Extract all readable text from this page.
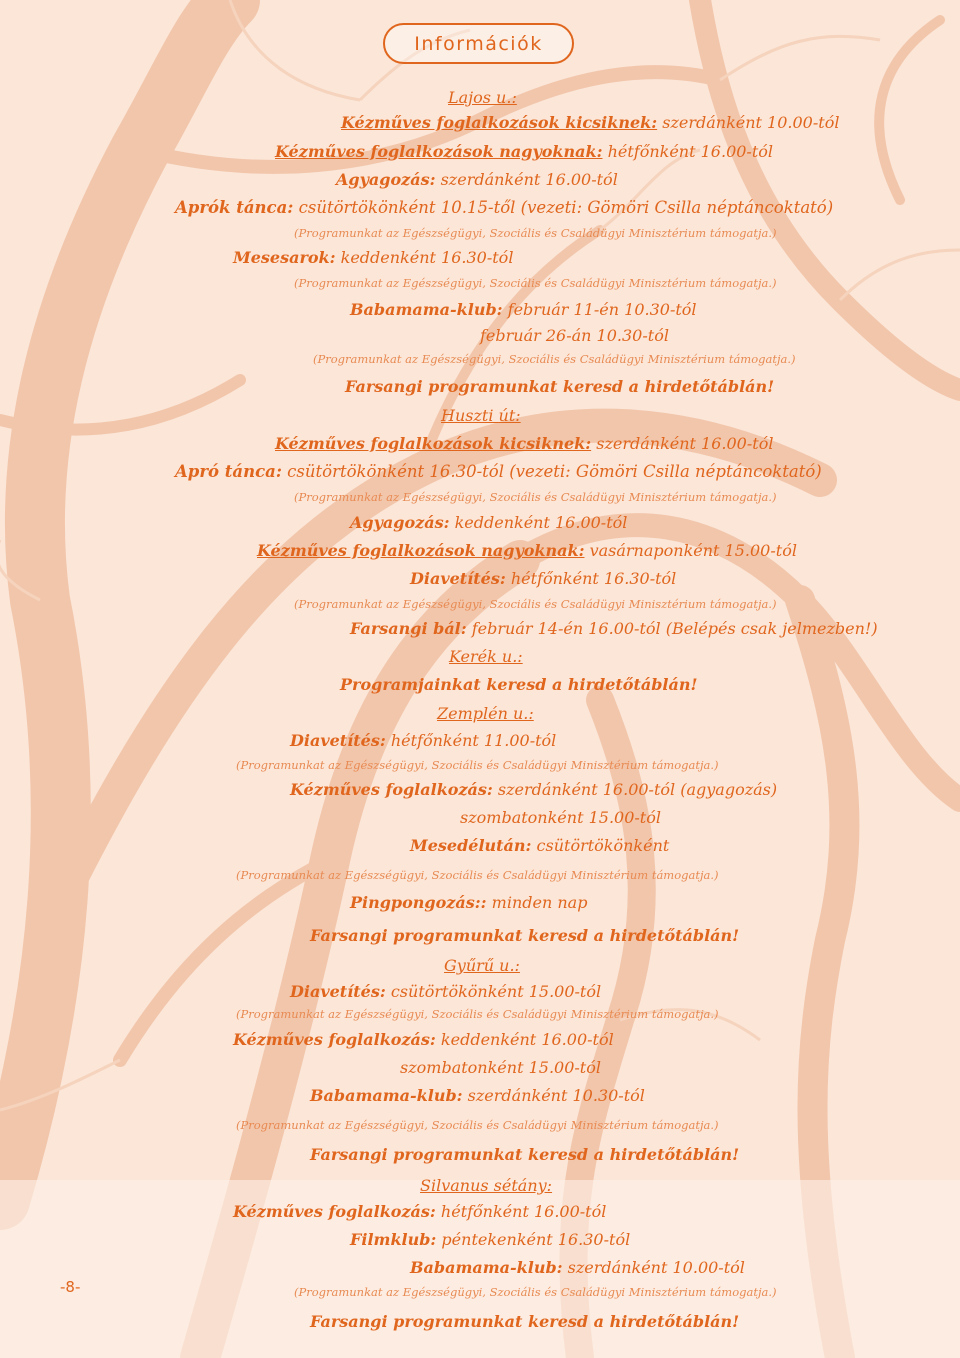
Információk
Lajos u.:
Kézműves foglalkozások kicsiknek: szerdánként 10.00-tól
Kézműves foglalkozások nagyoknak: hétfőnként 16.00-tól
Agyagozás: szerdánként 16.00-tól
Aprók tánca: csütörtökönként 10.15-től (vezeti: Gömöri Csilla néptáncoktató)
(Programunkat az Egészségügyi, Szociális és Családügyi Minisztérium támogatja.)
Mesesarok: keddenként 16.30-tól
(Programunkat az Egészségügyi, Szociális és Családügyi Minisztérium támogatja.)
Babamama-klub: február 11-én 10.30-tól
február 26-án 10.30-tól
(Programunkat az Egészségügyi, Szociális és Családügyi Minisztérium támogatja.)
Farsangi programunkat keresd a hirdetőtáblán!
Huszti út:
Kézműves foglalkozások kicsiknek: szerdánként 16.00-tól
Apró tánca: csütörtökönként 16.30-tól (vezeti: Gömöri Csilla néptáncoktató)
(Programunkat az Egészségügyi, Szociális és Családügyi Minisztérium támogatja.)
Agyagozás: keddenként 16.00-tól
Kézműves foglalkozások nagyoknak: vasárnaponként 15.00-tól
Diavetítés: hétfőnként 16.30-tól
(Programunkat az Egészségügyi, Szociális és Családügyi Minisztérium támogatja.)
Farsangi bál: február 14-én 16.00-tól (Belépés csak jelmezben!)
Kerék u.:
Programjainkat keresd a hirdetőtáblán!
Zemplén u.:
Diavetítés: hétfőnként 11.00-tól
(Programunkat az Egészségügyi, Szociális és Családügyi Minisztérium támogatja.)
Kézműves foglalkozás: szerdánként 16.00-tól (agyagozás)
szombatonként 15.00-tól
Mesedélután: csütörtökönként
(Programunkat az Egészségügyi, Szociális és Családügyi Minisztérium támogatja.)
Pingpongozás:: minden nap
Farsangi programunkat keresd a hirdetőtáblán!
Gyűrű u.:
Diavetítés: csütörtökönként 15.00-tól
(Programunkat az Egészségügyi, Szociális és Családügyi Minisztérium támogatja.)
Kézműves foglalkozás: keddenként 16.00-tól
szombatonként 15.00-tól
Babamama-klub: szerdánként 10.30-tól
(Programunkat az Egészségügyi, Szociális és Családügyi Minisztérium támogatja.)
Farsangi programunkat keresd a hirdetőtáblán!
Silvanus sétány:
Kézműves foglalkozás: hétfőnként 16.00-tól
Filmklub: péntekenként 16.30-tól
Babamama-klub: szerdánként 10.00-tól
(Programunkat az Egészségügyi, Szociális és Családügyi Minisztérium támogatja.)
Farsangi programunkat keresd a hirdetőtáblán!
-8-
